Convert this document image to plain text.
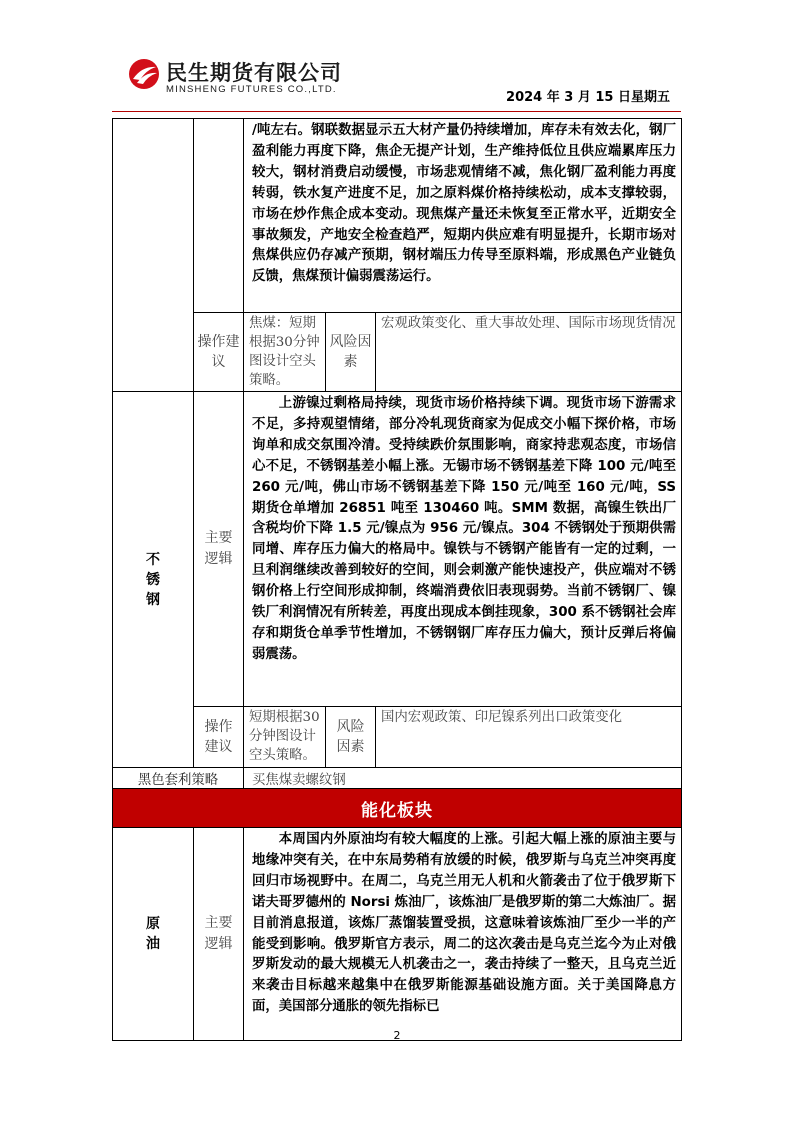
民生期货有限公司
MINSHENG FUTURES CO.,LTD.
2024 年 3 月 15 日星期五

		/吨左右。钢联数据显示五大材产量仍持续增加，库存未有效去化，钢厂盈利能力再度下降，焦企无提产计划，生产维持低位且供应端累库压力较大，钢材消费启动缓慢，市场悲观情绪不减，焦化钢厂盈利能力再度转弱，铁水复产进度不足，加之原料煤价格持续松动，成本支撑较弱，市场在炒作焦企成本变动。现焦煤产量还未恢复至正常水平，近期安全事故频发，产地安全检查趋严，短期内供应难有明显提升，长期市场对焦煤供应仍存减产预期，钢材端压力传导至原料端，形成黑色产业链负反馈，焦煤预计偏弱震荡运行。		

	操作建议	焦煤：短期根据30分钟图设计空头策略。	风险因素	宏观政策变化、重大事故处理、国际市场现货情况
不锈钢	主要逻辑	上游镍过剩格局持续，现货市场价格持续下调。现货市场下游需求不足，多持观望情绪，部分冷轧现货商家为促成交小幅下探价格，市场询单和成交氛围冷清。受持续跌价氛围影响，商家持悲观态度，市场信心不足，不锈钢基差小幅上涨。无锡市场不锈钢基差下降 100 元/吨至 260 元/吨，佛山市场不锈钢基差下降 150 元/吨至 160 元/吨，SS 期货仓单增加 26851 吨至 130460 吨。SMM 数据，高镍生铁出厂含税均价下降 1.5 元/镍点为 956 元/镍点。304 不锈钢处于预期供需同增、库存压力偏大的格局中。镍铁与不锈钢产能皆有一定的过剩，一旦利润继续改善到较好的空间，则会刺激产能快速投产，供应端对不锈钢价格上行空间形成抑制，终端消费依旧表现弱势。当前不锈钢厂、镍铁厂利润情况有所转差，再度出现成本倒挂现象，300 系不锈钢社会库存和期货仓单季节性增加，不锈钢钢厂库存压力偏大，预计反弹后将偏弱震荡。		

	操作建议	短期根据30分钟图设计空头策略。	风险因素	国内宏观政策、印尼镍系列出口政策变化
黑色套利策略		买焦煤卖螺纹钢		
能化板块				
原油	主要逻辑	本周国内外原油均有较大幅度的上涨。引起大幅上涨的原油主要与地缘冲突有关，在中东局势稍有放缓的时候，俄罗斯与乌克兰冲突再度回归市场视野中。在周二，乌克兰用无人机和火箭袭击了位于俄罗斯下诺夫哥罗德州的 Norsi 炼油厂，该炼油厂是俄罗斯的第二大炼油厂。据目前消息报道，该炼厂蒸馏装置受损，这意味着该炼油厂至少一半的产能受到影响。俄罗斯官方表示，周二的这次袭击是乌克兰迄今为止对俄罗斯发动的最大规模无人机袭击之一，袭击持续了一整天，且乌克兰近来袭击目标越来越集中在俄罗斯能源基础设施方面。关于美国降息方面，美国部分通胀的领先指标已		

2
